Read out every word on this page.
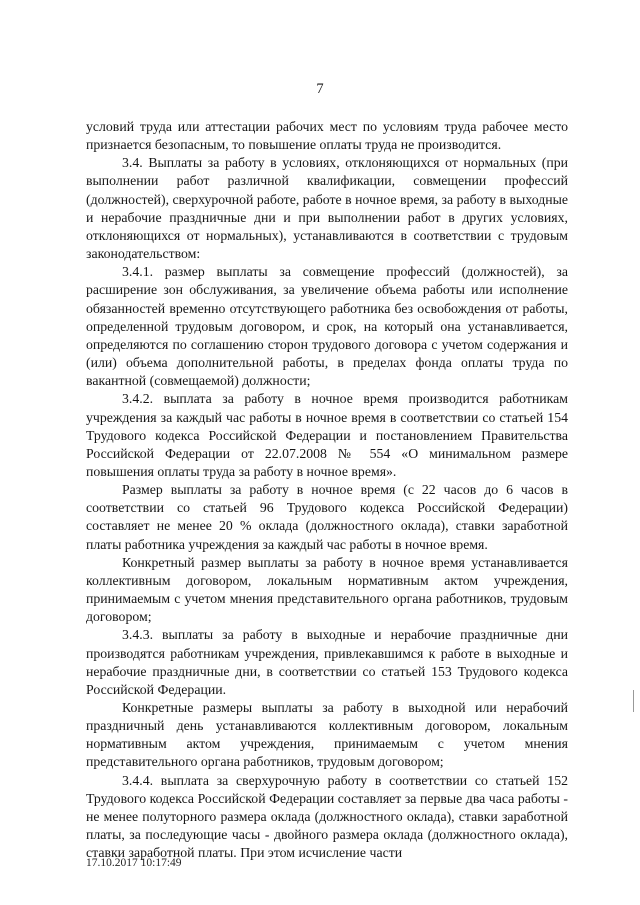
7

условий труда или аттестации рабочих мест по условиям труда рабочее место признается безопасным, то повышение оплаты труда не производится.

3.4. Выплаты за работу в условиях, отклоняющихся от нормальных (при выполнении работ различной квалификации, совмещении профессий (должностей), сверхурочной работе, работе в ночное время, за работу в выходные и нерабочие праздничные дни и при выполнении работ в других условиях, отклоняющихся от нормальных), устанавливаются в соответствии с трудовым законодательством:

3.4.1. размер выплаты за совмещение профессий (должностей), за расширение зон обслуживания, за увеличение объема работы или исполнение обязанностей временно отсутствующего работника без освобождения от работы, определенной трудовым договором, и срок, на который она устанавливается, определяются по соглашению сторон трудового договора с учетом содержания и (или) объема дополнительной работы, в пределах фонда оплаты труда по вакантной (совмещаемой) должности;

3.4.2. выплата за работу в ночное время производится работникам учреждения за каждый час работы в ночное время в соответствии со статьей 154 Трудового кодекса Российской Федерации и постановлением Правительства Российской Федерации от 22.07.2008 № 554 «О минимальном размере повышения оплаты труда за работу в ночное время».

Размер выплаты за работу в ночное время (с 22 часов до 6 часов в соответствии со статьей 96 Трудового кодекса Российской Федерации) составляет не менее 20 % оклада (должностного оклада), ставки заработной платы работника учреждения за каждый час работы в ночное время.

Конкретный размер выплаты за работу в ночное время устанавливается коллективным договором, локальным нормативным актом учреждения, принимаемым с учетом мнения представительного органа работников, трудовым договором;

3.4.3. выплаты за работу в выходные и нерабочие праздничные дни производятся работникам учреждения, привлекавшимся к работе в выходные и нерабочие праздничные дни, в соответствии со статьей 153 Трудового кодекса Российской Федерации.

Конкретные размеры выплаты за работу в выходной или нерабочий праздничный день устанавливаются коллективным договором, локальным нормативным актом учреждения, принимаемым с учетом мнения представительного органа работников, трудовым договором;

3.4.4. выплата за сверхурочную работу в соответствии со статьей 152 Трудового кодекса Российской Федерации составляет за первые два часа работы - не менее полуторного размера оклада (должностного оклада), ставки заработной платы, за последующие часы - двойного размера оклада (должностного оклада), ставки заработной платы. При этом исчисление части

17.10.2017 10:17:49
